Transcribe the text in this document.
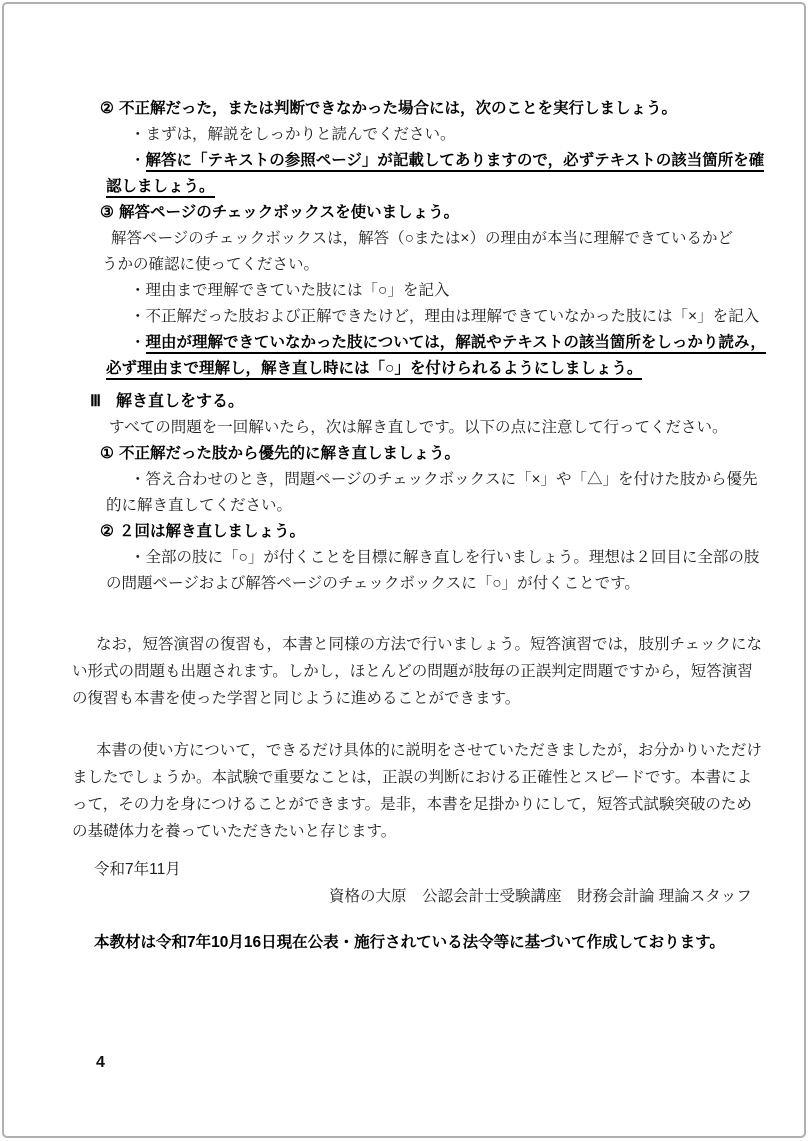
② 不正解だった，または判断できなかった場合には，次のことを実行しましょう。
・まずは，解説をしっかりと読んでください。
・解答に「テキストの参照ページ」が記載してありますので，必ずテキストの該当箇所を確
認しましょう。
③ 解答ページのチェックボックスを使いましょう。
解答ページのチェックボックスは，解答（○または×）の理由が本当に理解できているかど
うかの確認に使ってください。
・理由まで理解できていた肢には「○」を記入
・不正解だった肢および正解できたけど，理由は理解できていなかった肢には「×」を記入
・理由が理解できていなかった肢については，解説やテキストの該当箇所をしっかり読み，
必ず理由まで理解し，解き直し時には「○」を付けられるようにしましょう。
Ⅲ 解き直しをする。
すべての問題を一回解いたら，次は解き直しです。以下の点に注意して行ってください。
① 不正解だった肢から優先的に解き直しましょう。
・答え合わせのとき，問題ページのチェックボックスに「×」や「△」を付けた肢から優先
的に解き直してください。
② ２回は解き直しましょう。
・全部の肢に「○」が付くことを目標に解き直しを行いましょう。理想は２回目に全部の肢
の問題ページおよび解答ページのチェックボックスに「○」が付くことです。
なお，短答演習の復習も，本書と同様の方法で行いましょう。短答演習では，肢別チェックにな
い形式の問題も出題されます。しかし，ほとんどの問題が肢毎の正誤判定問題ですから，短答演習
の復習も本書を使った学習と同じように進めることができます。
本書の使い方について，できるだけ具体的に説明をさせていただきましたが，お分かりいただけ
ましたでしょうか。本試験で重要なことは，正誤の判断における正確性とスピードです。本書によ
って，その力を身につけることができます。是非，本書を足掛かりにして，短答式試験突破のため
の基礎体力を養っていただきたいと存じます。
令和7年11月
資格の大原　公認会計士受験講座　財務会計論 理論スタッフ
本教材は令和7年10月16日現在公表・施行されている法令等に基づいて作成しております。
4
